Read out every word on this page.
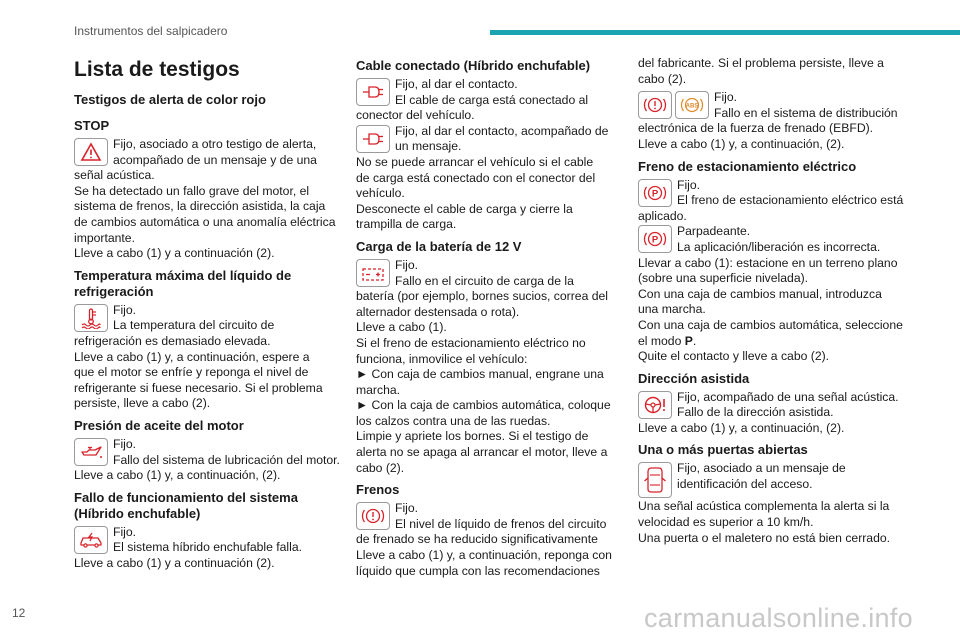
Instrumentos del salpicadero
Lista de testigos
Testigos de alerta de color rojo
STOP
Fijo, asociado a otro testigo de alerta,
acompañado de un mensaje y de una
señal acústica.
Se ha detectado un fallo grave del motor, el
sistema de frenos, la dirección asistida, la caja
de cambios automática o una anomalía eléctrica
importante.
Lleve a cabo (1) y a continuación (2).
Temperatura máxima del líquido de
refrigeración
Fijo.
La temperatura del circuito de
refrigeración es demasiado elevada.
Lleve a cabo (1) y, a continuación, espere a
que el motor se enfríe y reponga el nivel de
refrigerante si fuese necesario. Si el problema
persiste, lleve a cabo (2).
Presión de aceite del motor
Fijo.
Fallo del sistema de lubricación del motor.
Lleve a cabo (1) y, a continuación, (2).
Fallo de funcionamiento del sistema
(Híbrido enchufable)
Fijo.
El sistema híbrido enchufable falla.
Lleve a cabo (1) y a continuación (2).
Cable conectado (Híbrido enchufable)
Fijo, al dar el contacto.
El cable de carga está conectado al
conector del vehículo.
Fijo, al dar el contacto, acompañado de
un mensaje.
No se puede arrancar el vehículo si el cable
de carga está conectado con el conector del
vehículo.
Desconecte el cable de carga y cierre la
trampilla de carga.
Carga de la batería de 12 V
Fijo.
Fallo en el circuito de carga de la
batería (por ejemplo, bornes sucios, correa del
alternador destensada o rota).
Lleve a cabo (1).
Si el freno de estacionamiento eléctrico no
funciona, inmovilice el vehículo:
► Con caja de cambios manual, engrane una
marcha.
► Con la caja de cambios automática, coloque
los calzos contra una de las ruedas.
Limpie y apriete los bornes. Si el testigo de
alerta no se apaga al arrancar el motor, lleve a
cabo (2).
Frenos
Fijo.
El nivel de líquido de frenos del circuito
de frenado se ha reducido significativamente
Lleve a cabo (1) y, a continuación, reponga con
líquido que cumpla con las recomendaciones
del fabricante. Si el problema persiste, lleve a
cabo (2).
ABS
Fijo.
Fallo en el sistema de distribución
electrónica de la fuerza de frenado (EBFD).
Lleve a cabo (1) y, a continuación, (2).
Freno de estacionamiento eléctrico
P
Fijo.
El freno de estacionamiento eléctrico está
aplicado.
P
Parpadeante.
La aplicación/liberación es incorrecta.
Llevar a cabo (1): estacione en un terreno plano
(sobre una superficie nivelada).
Con una caja de cambios manual, introduzca
una marcha.
Con una caja de cambios automática, seleccione
el modo P.
Quite el contacto y lleve a cabo (2).
Dirección asistida
Fijo, acompañado de una señal acústica.
Fallo de la dirección asistida.
Lleve a cabo (1) y, a continuación, (2).
Una o más puertas abiertas
Fijo, asociado a un mensaje de
identificación del acceso.
Una señal acústica complementa la alerta si la
velocidad es superior a 10 km/h.
Una puerta o el maletero no está bien cerrado.
12	carmanualsonline.info
